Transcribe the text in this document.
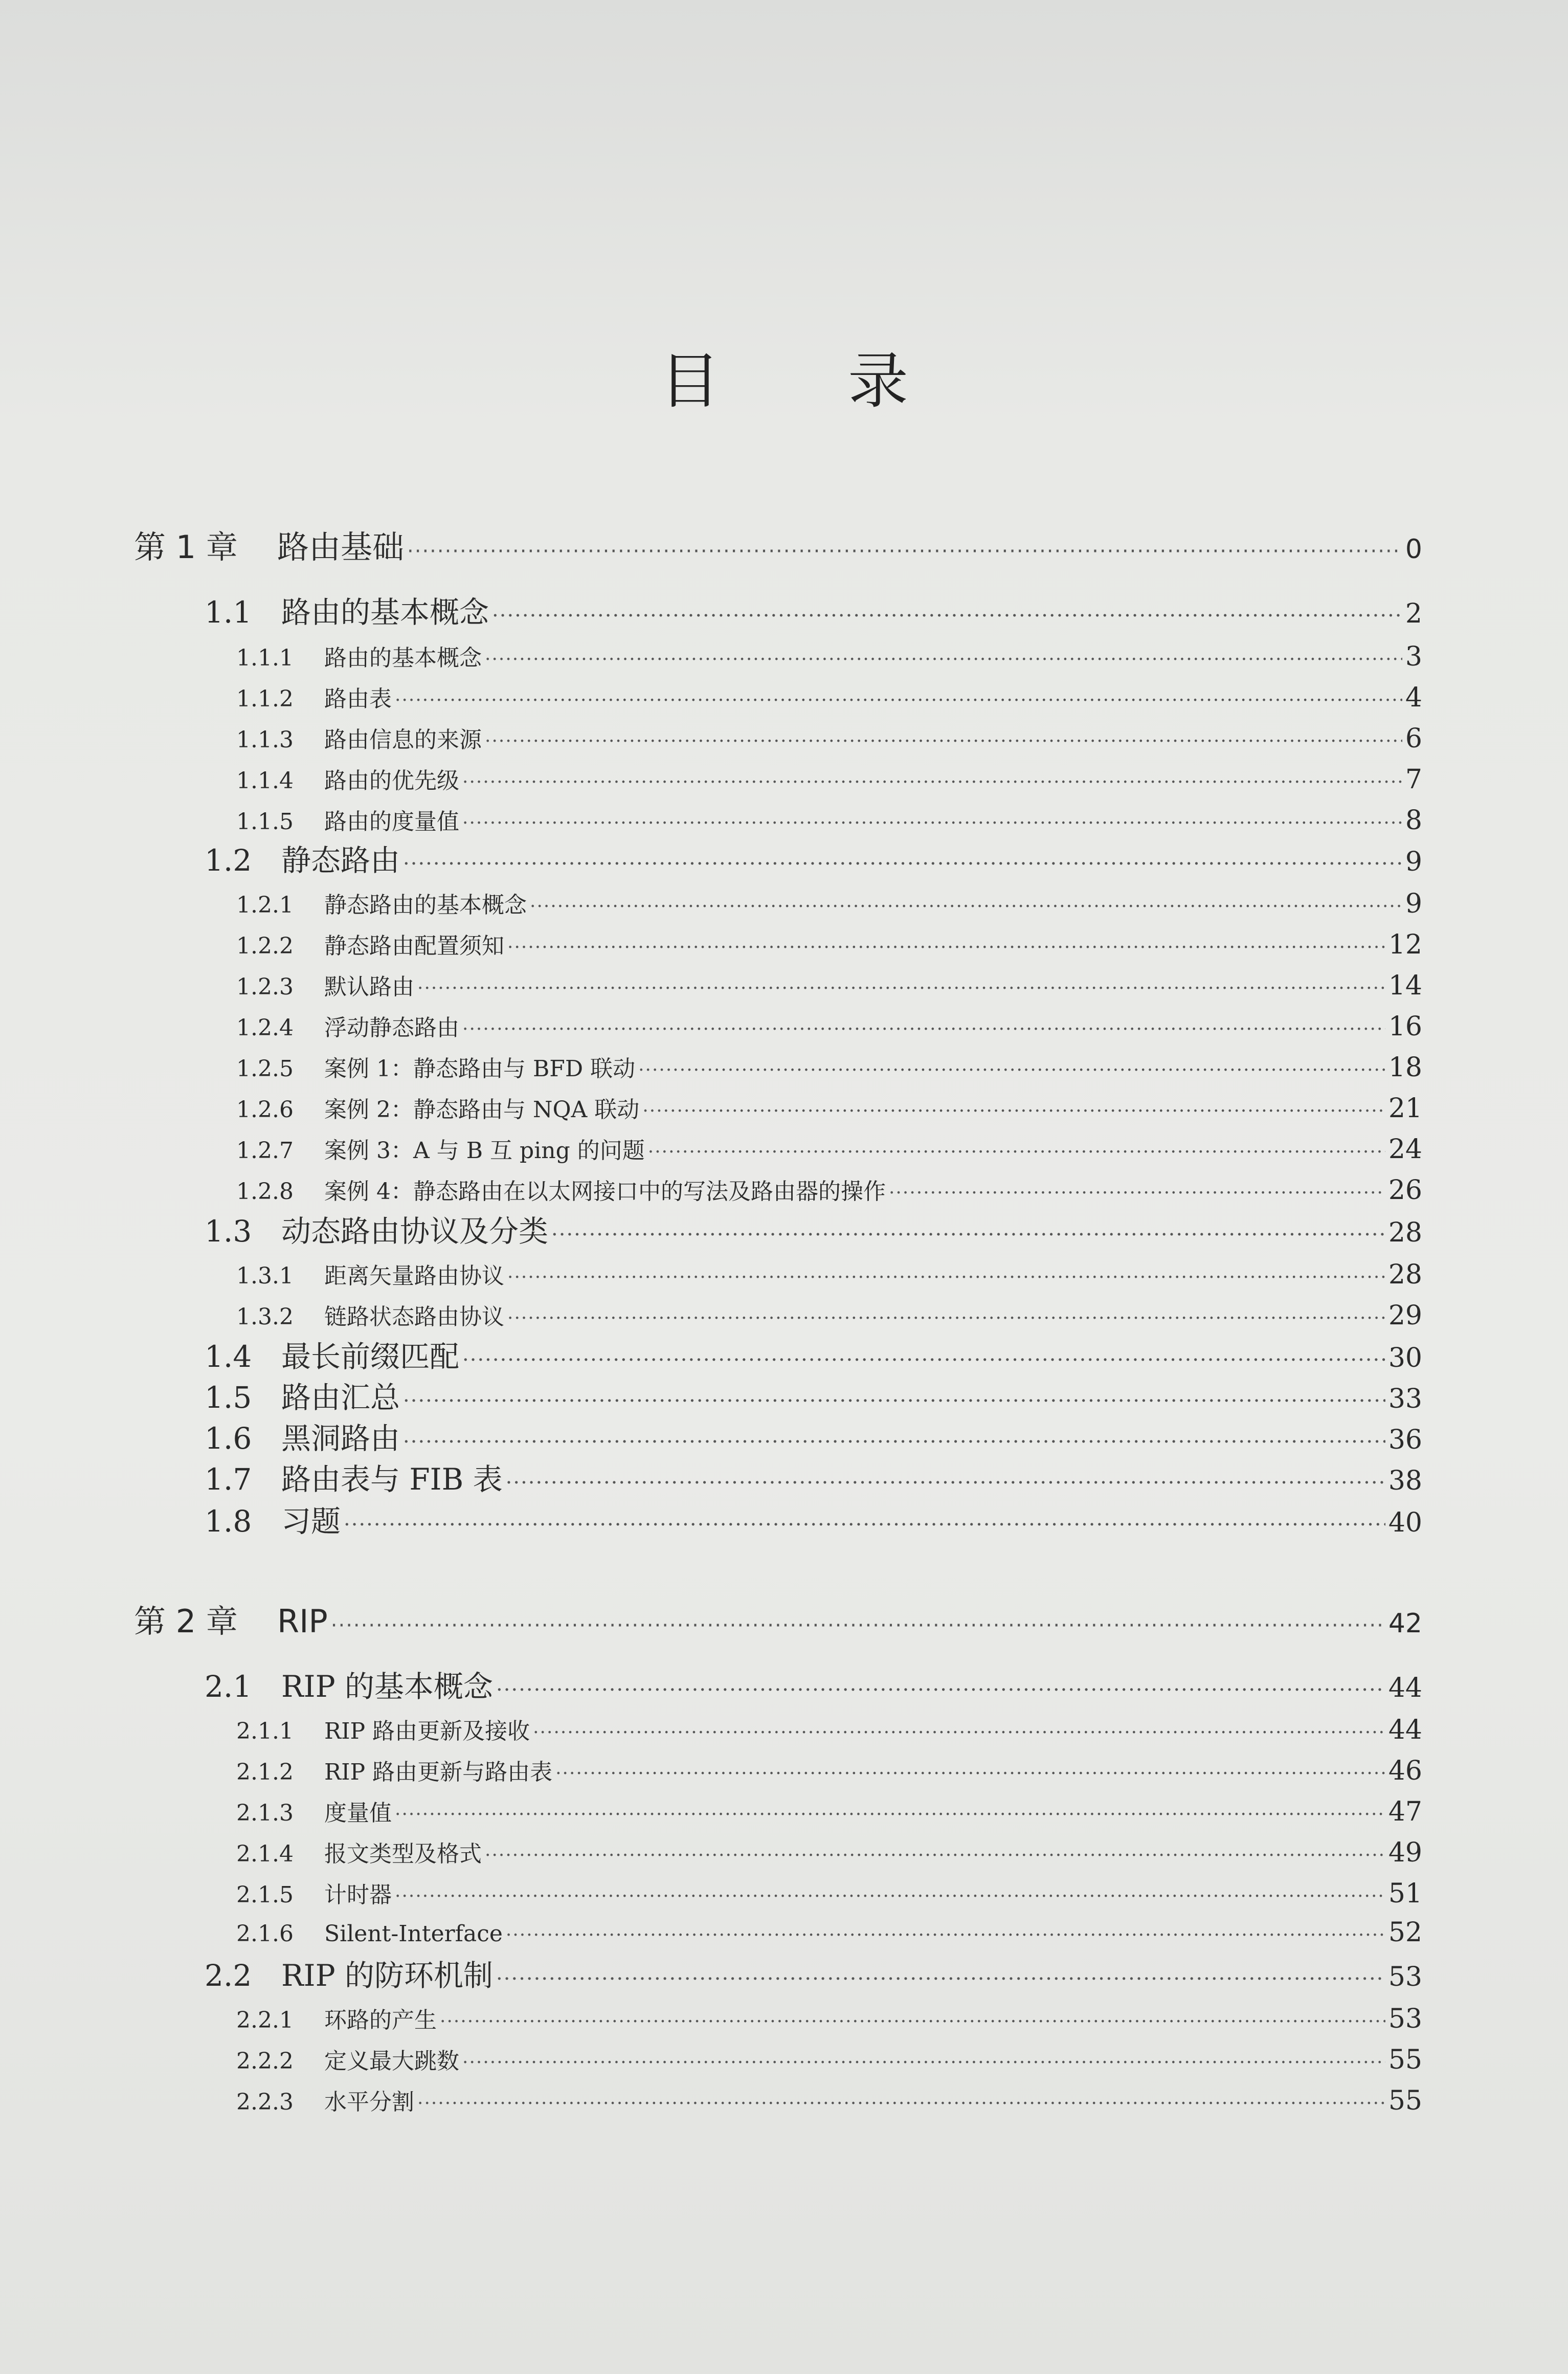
目 录
第 1 章	路由基础 ·····	0
1.1 路由的基本概念 ·····	2
1.1.1	路由的基本概念 ·····	3
1.1.2	路由表 ·····	4
1.1.3	路由信息的来源 ·····	6
1.1.4	路由的优先级 ·····	7
1.1.5	路由的度量值 ·····	8
1.2 静态路由 ·····	9
1.2.1	静态路由的基本概念 ·····	9
1.2.2	静态路由配置须知 ·····	12
1.2.3	默认路由 ·····	14
1.2.4	浮动静态路由 ·····	16
1.2.5	案例 1：静态路由与 BFD 联动 ·····	18
1.2.6	案例 2：静态路由与 NQA 联动 ·····	21
1.2.7	案例 3：A 与 B 互 ping 的问题 ·····	24
1.2.8	案例 4：静态路由在以太网接口中的写法及路由器的操作 ·····	26
1.3 动态路由协议及分类 ·····	28
1.3.1	距离矢量路由协议 ·····	28
1.3.2	链路状态路由协议 ·····	29
1.4 最长前缀匹配 ·····	30
1.5 路由汇总 ·····	33
1.6 黑洞路由 ·····	36
1.7 路由表与 FIB 表 ·····	38
1.8 习题 ·····	40
第 2 章	RIP ·····	42
2.1 RIP 的基本概念 ·····	44
2.1.1	RIP 路由更新及接收 ·····	44
2.1.2	RIP 路由更新与路由表 ·····	46
2.1.3	度量值 ·····	47
2.1.4	报文类型及格式 ·····	49
2.1.5	计时器 ·····	51
2.1.6	Silent-Interface ·····	52
2.2 RIP 的防环机制 ·····	53
2.2.1	环路的产生 ·····	53
2.2.2	定义最大跳数 ·····	55
2.2.3	水平分割 ·····	55
